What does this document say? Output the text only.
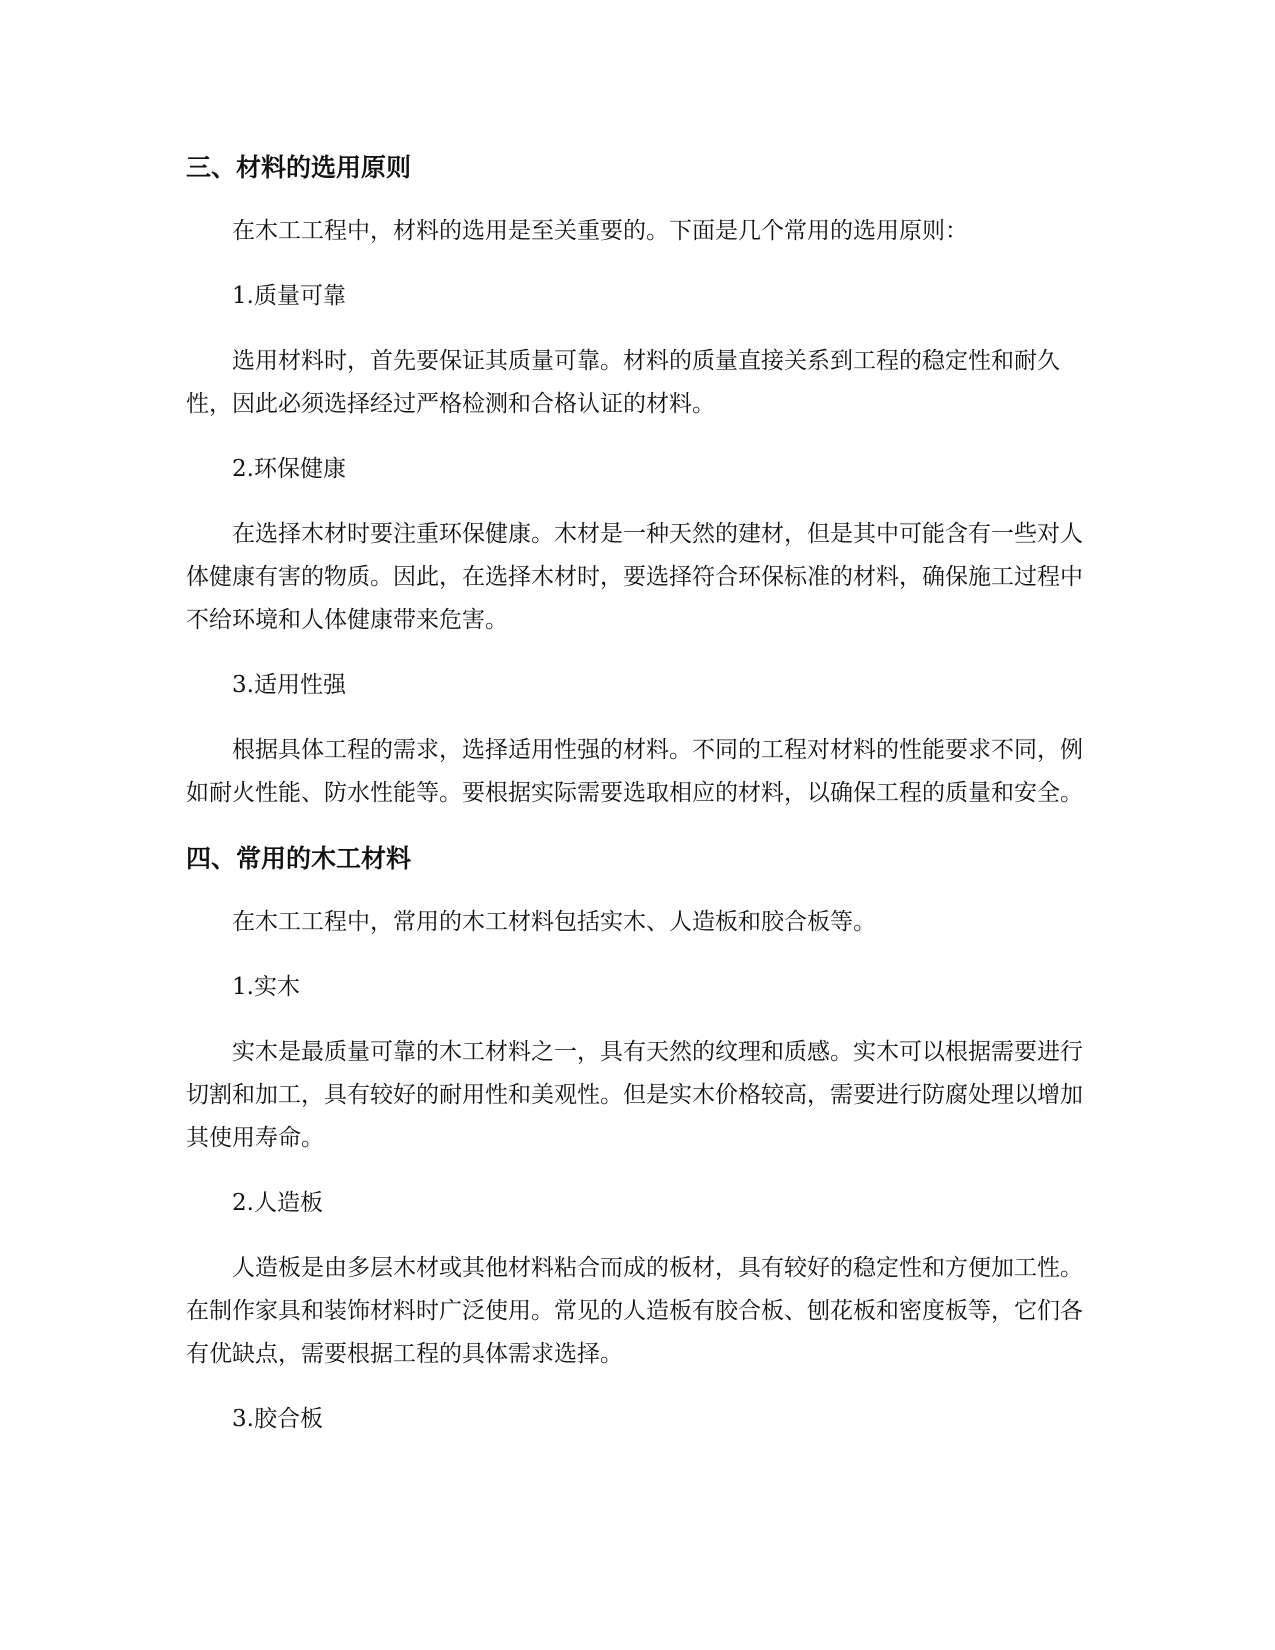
三、材料的选用原则

在木工工程中，材料的选用是至关重要的。下面是几个常用的选用原则：

1.质量可靠

选用材料时，首先要保证其质量可靠。材料的质量直接关系到工程的稳定性和耐久性，因此必须选择经过严格检测和合格认证的材料。

2.环保健康

在选择木材时要注重环保健康。木材是一种天然的建材，但是其中可能含有一些对人体健康有害的物质。因此，在选择木材时，要选择符合环保标准的材料，确保施工过程中不给环境和人体健康带来危害。

3.适用性强

根据具体工程的需求，选择适用性强的材料。不同的工程对材料的性能要求不同，例如耐火性能、防水性能等。要根据实际需要选取相应的材料，以确保工程的质量和安全。

四、常用的木工材料

在木工工程中，常用的木工材料包括实木、人造板和胶合板等。

1.实木

实木是最质量可靠的木工材料之一，具有天然的纹理和质感。实木可以根据需要进行切割和加工，具有较好的耐用性和美观性。但是实木价格较高，需要进行防腐处理以增加其使用寿命。

2.人造板

人造板是由多层木材或其他材料粘合而成的板材，具有较好的稳定性和方便加工性。在制作家具和装饰材料时广泛使用。常见的人造板有胶合板、刨花板和密度板等，它们各有优缺点，需要根据工程的具体需求选择。

3.胶合板
